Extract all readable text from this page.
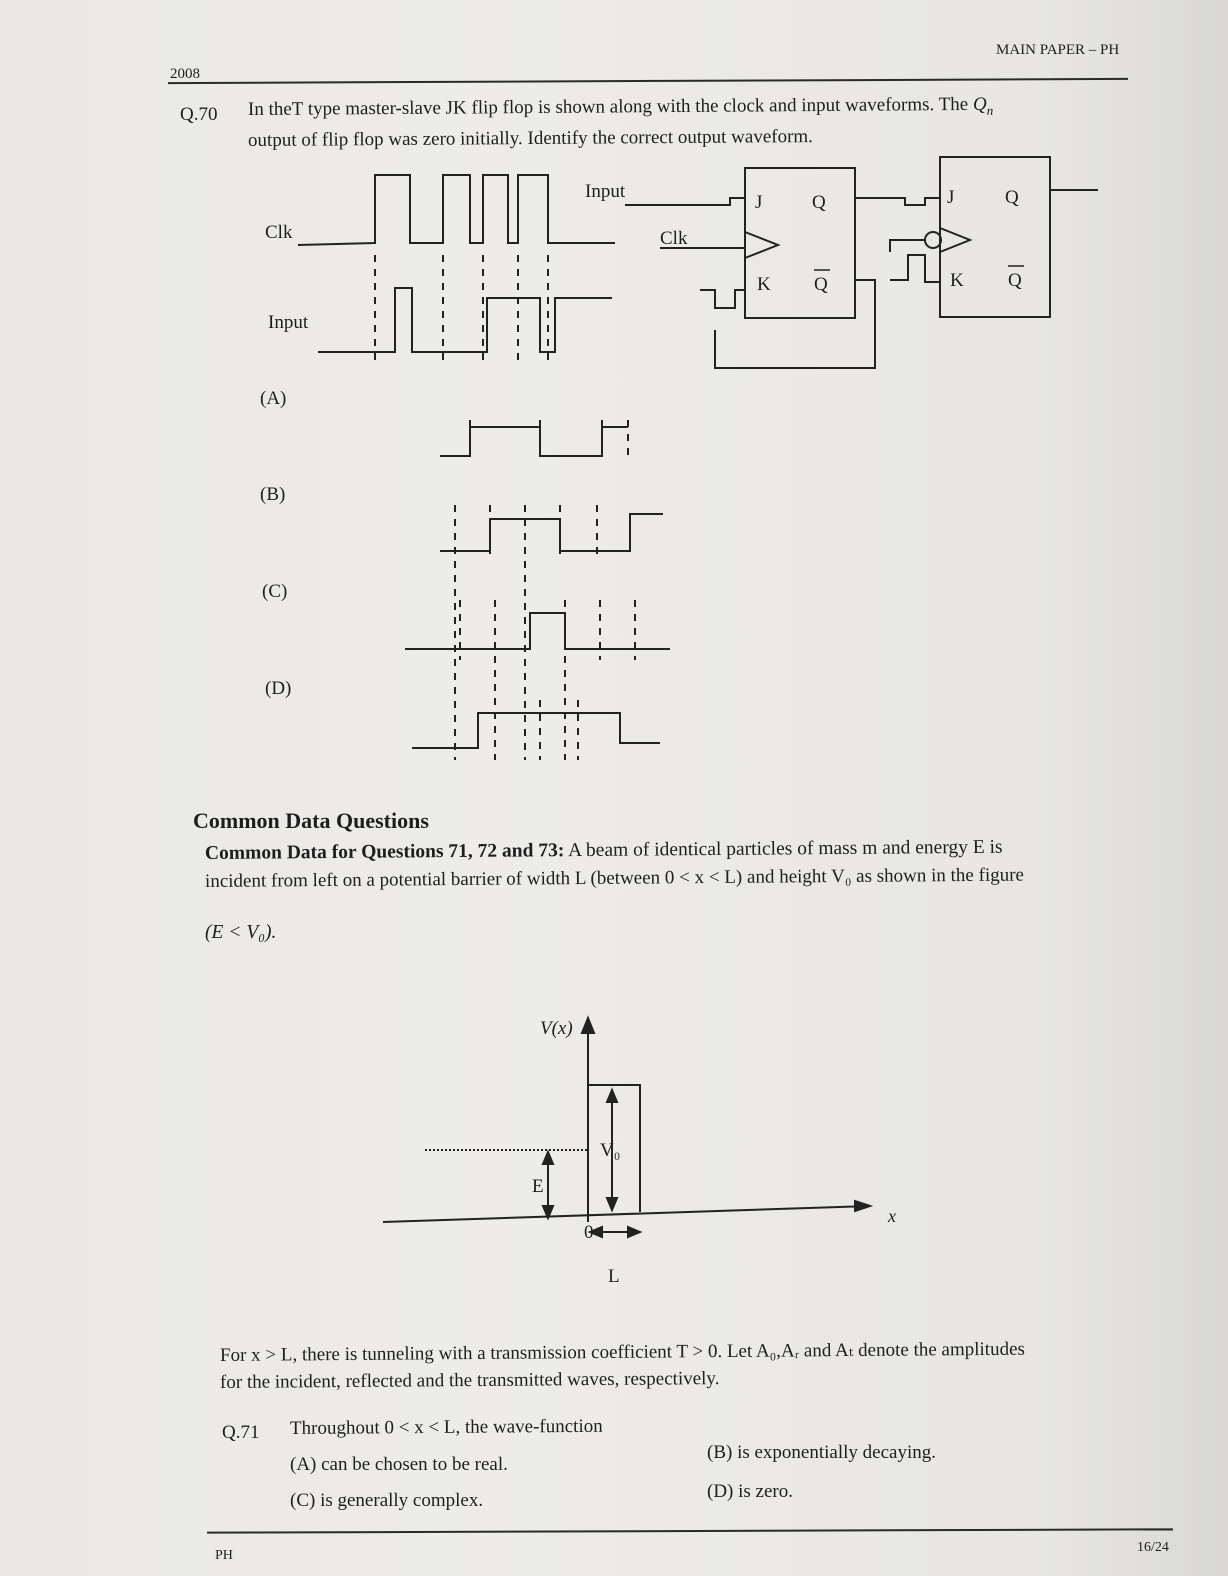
MAIN PAPER – PH
2008
Q.70 In theT type master-slave JK flip flop is shown along with the clock and input waveforms. The $Q_n$
output of flip flop was zero initially. Identify the correct output waveform.
Clk
Input
(A)
(B)
(C)
(D)
Input
Clk
J	Q
K Q
J	Q
K Q
Common Data Questions
Common Data for Questions 71, 72 and 73: A beam of identical particles of mass m and energy E is
incident from left on a potential barrier of width L (between 0 < x < L) and height V₀ as shown in the figure
(E < V₀).
V(x)
V₀
E
0
x
L
For x > L, there is tunneling with a transmission coefficient T > 0. Let A₀,Aᵣ and Aₜ denote the amplitudes
for the incident, reflected and the transmitted waves, respectively.
Q.71 Throughout 0 < x < L, the wave-function
(A) can be chosen to be real.
(B) is exponentially decaying.
(C) is generally complex.	(D) is zero.
16/24
PH
